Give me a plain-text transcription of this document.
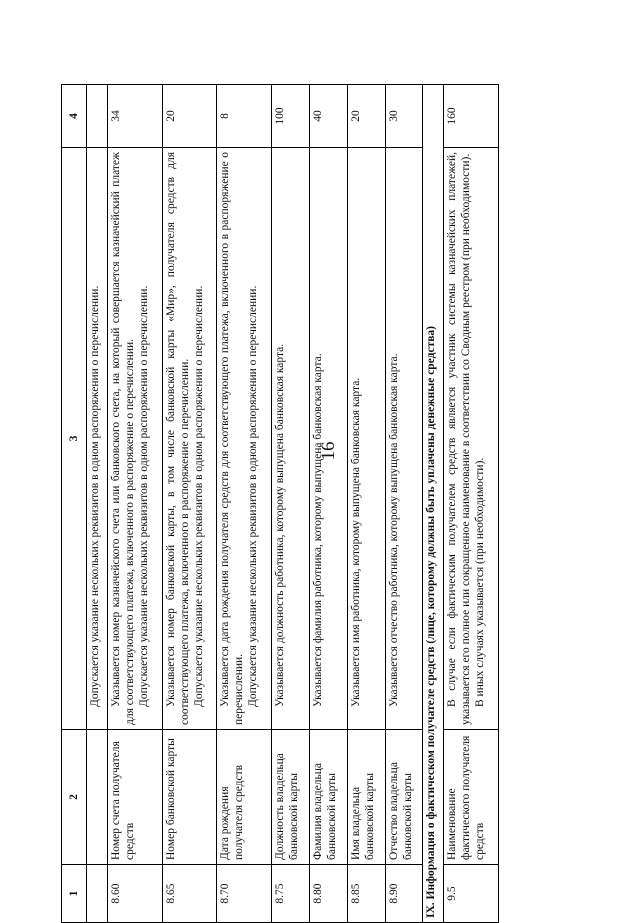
16
1	2	3	4

		Допускается указание нескольких реквизитов в одном распоряжении о перечислении.	

8.60	Номер счета получателя средств	Указывается номер казначейского счета или банковского счета, на который совершается казначейский платеж для соответствующего платежа, включенного в распоряжение о перечислении. Допускается указание нескольких реквизитов в одном распоряжении о перечислении.	34
8.65	Номер банковской карты	Указывается номер банковской карты, в том числе банковской карты «Мир», получателя средств для соответствующего платежа, включенного в распоряжение о перечислении. Допускается указание нескольких реквизитов в одном распоряжении о перечислении.	20
8.70	Дата рождения получателя средств	Указывается дата рождения получателя средств для соответствующего платежа, включенного в распоряжение о перечислении. Допускается указание нескольких реквизитов в одном распоряжении о перечислении.	8
8.75	Должность владельца банковской карты	Указывается должность работника, которому выпущена банковская карта.	100
8.80	Фамилия владельца банковской карты	Указывается фамилия работника, которому выпущена банковская карта.	40
8.85	Имя владельца банковской карты	Указывается имя работника, которому выпущена банковская карта.	20
8.90	Отчество владельца банковской карты	Указывается отчество работника, которому выпущена банковская карта.	30
IX. Информация о фактическом получателе средств (лице, которому должны быть уплачены денежные средства)			
9.5	Наименование фактического получателя средств	В случае если фактическим получателем средств является участник системы казначейских платежей, указывается его полное или сокращенное наименование в соответствии со Сводным реестром (при необходимости). В иных случаях указывается (при необходимости).	160
